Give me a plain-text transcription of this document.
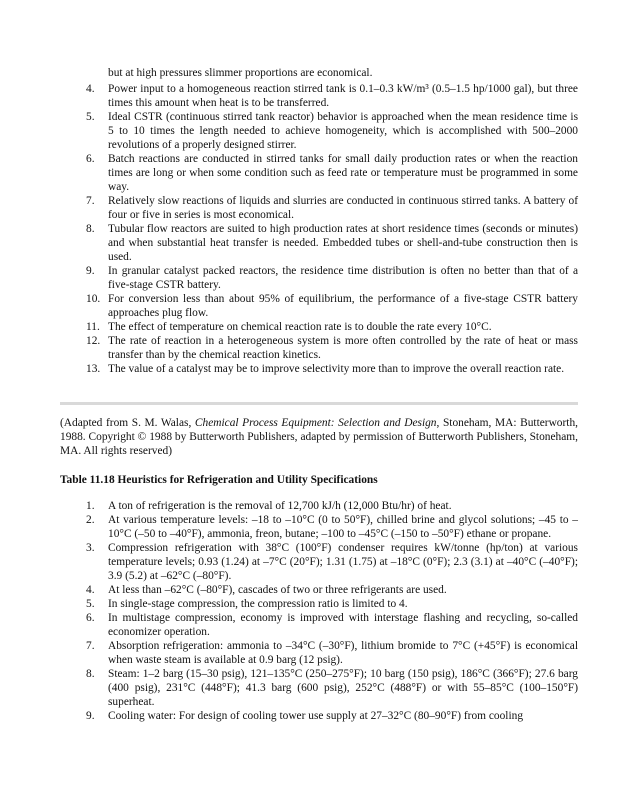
but at high pressures slimmer proportions are economical.
4.	Power input to a homogeneous reaction stirred tank is 0.1–0.3 kW/m³ (0.5–1.5 hp/1000 gal), but three times this amount when heat is to be transferred.
5.	Ideal CSTR (continuous stirred tank reactor) behavior is approached when the mean residence time is 5 to 10 times the length needed to achieve homogeneity, which is accomplished with 500–2000 revolutions of a properly designed stirrer.
6.	Batch reactions are conducted in stirred tanks for small daily production rates or when the reaction times are long or when some condition such as feed rate or temperature must be programmed in some way.
7.	Relatively slow reactions of liquids and slurries are conducted in continuous stirred tanks. A battery of four or five in series is most economical.
8.	Tubular flow reactors are suited to high production rates at short residence times (seconds or minutes) and when substantial heat transfer is needed. Embedded tubes or shell-and-tube construction then is used.
9.	In granular catalyst packed reactors, the residence time distribution is often no better than that of a five-stage CSTR battery.
10. For conversion less than about 95% of equilibrium, the performance of a five-stage CSTR battery approaches plug flow.
11. The effect of temperature on chemical reaction rate is to double the rate every 10°C.
12. The rate of reaction in a heterogeneous system is more often controlled by the rate of heat or mass transfer than by the chemical reaction kinetics.
13. The value of a catalyst may be to improve selectivity more than to improve the overall reaction rate.
(Adapted from S. M. Walas, Chemical Process Equipment: Selection and Design, Stoneham, MA: Butterworth, 1988. Copyright © 1988 by Butterworth Publishers, adapted by permission of Butterworth Publishers, Stoneham, MA. All rights reserved)
Table 11.18 Heuristics for Refrigeration and Utility Specifications
1.	A ton of refrigeration is the removal of 12,700 kJ/h (12,000 Btu/hr) of heat.
2.	At various temperature levels: –18 to –10°C (0 to 50°F), chilled brine and glycol solutions; –45 to –10°C (–50 to –40°F), ammonia, freon, butane; –100 to –45°C (–150 to –50°F) ethane or propane.
3.	Compression refrigeration with 38°C (100°F) condenser requires kW/tonne (hp/ton) at various temperature levels; 0.93 (1.24) at –7°C (20°F); 1.31 (1.75) at –18°C (0°F); 2.3 (3.1) at –40°C (–40°F); 3.9 (5.2) at –62°C (–80°F).
4.	At less than –62°C (–80°F), cascades of two or three refrigerants are used.
5.	In single-stage compression, the compression ratio is limited to 4.
6.	In multistage compression, economy is improved with interstage flashing and recycling, so-called economizer operation.
7.	Absorption refrigeration: ammonia to –34°C (–30°F), lithium bromide to 7°C (+45°F) is economical when waste steam is available at 0.9 barg (12 psig).
8.	Steam: 1–2 barg (15–30 psig), 121–135°C (250–275°F); 10 barg (150 psig), 186°C (366°F); 27.6 barg (400 psig), 231°C (448°F); 41.3 barg (600 psig), 252°C (488°F) or with 55–85°C (100–150°F) superheat.
9.	Cooling water: For design of cooling tower use supply at 27–32°C (80–90°F) from cooling
